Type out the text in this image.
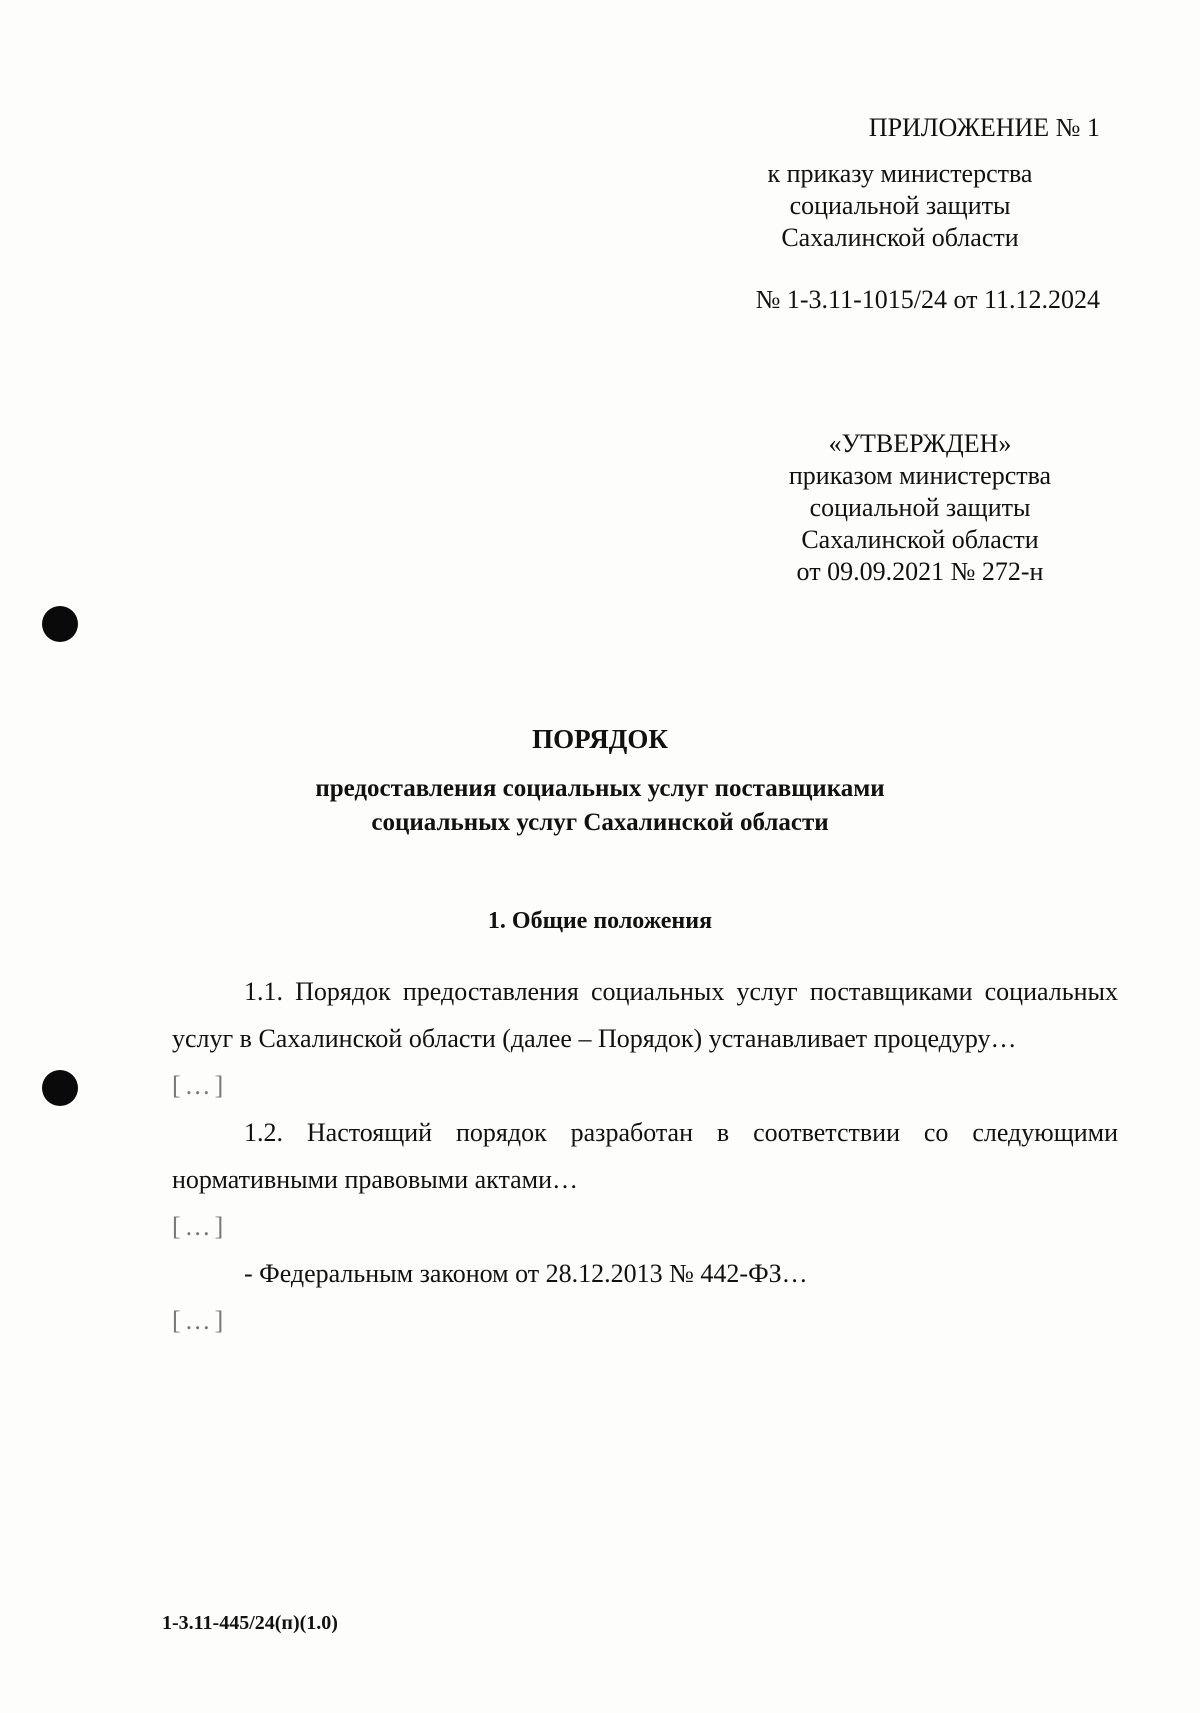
ПРИЛОЖЕНИЕ № 1
к приказу министерства
социальной защиты
Сахалинской области
№ 1-3.11-1015/24 от 11.12.2024
«УТВЕРЖДЕН»
приказом министерства
социальной защиты
Сахалинской области
от 09.09.2021 № 272-н
ПОРЯДОК
предоставления социальных услуг поставщиками
социальных услуг Сахалинской области
1. Общие положения

1.1. Порядок предоставления социальных услуг поставщиками социальных услуг в Сахалинской области (далее – Порядок) устанавливает процедуру…

[…]

1.2. Настоящий порядок разработан в соответствии со следующими нормативными правовыми актами…

[…]

- Федеральным законом от 28.12.2013 № 442-ФЗ…

[…]

1-3.11-445/24(п)(1.0)
